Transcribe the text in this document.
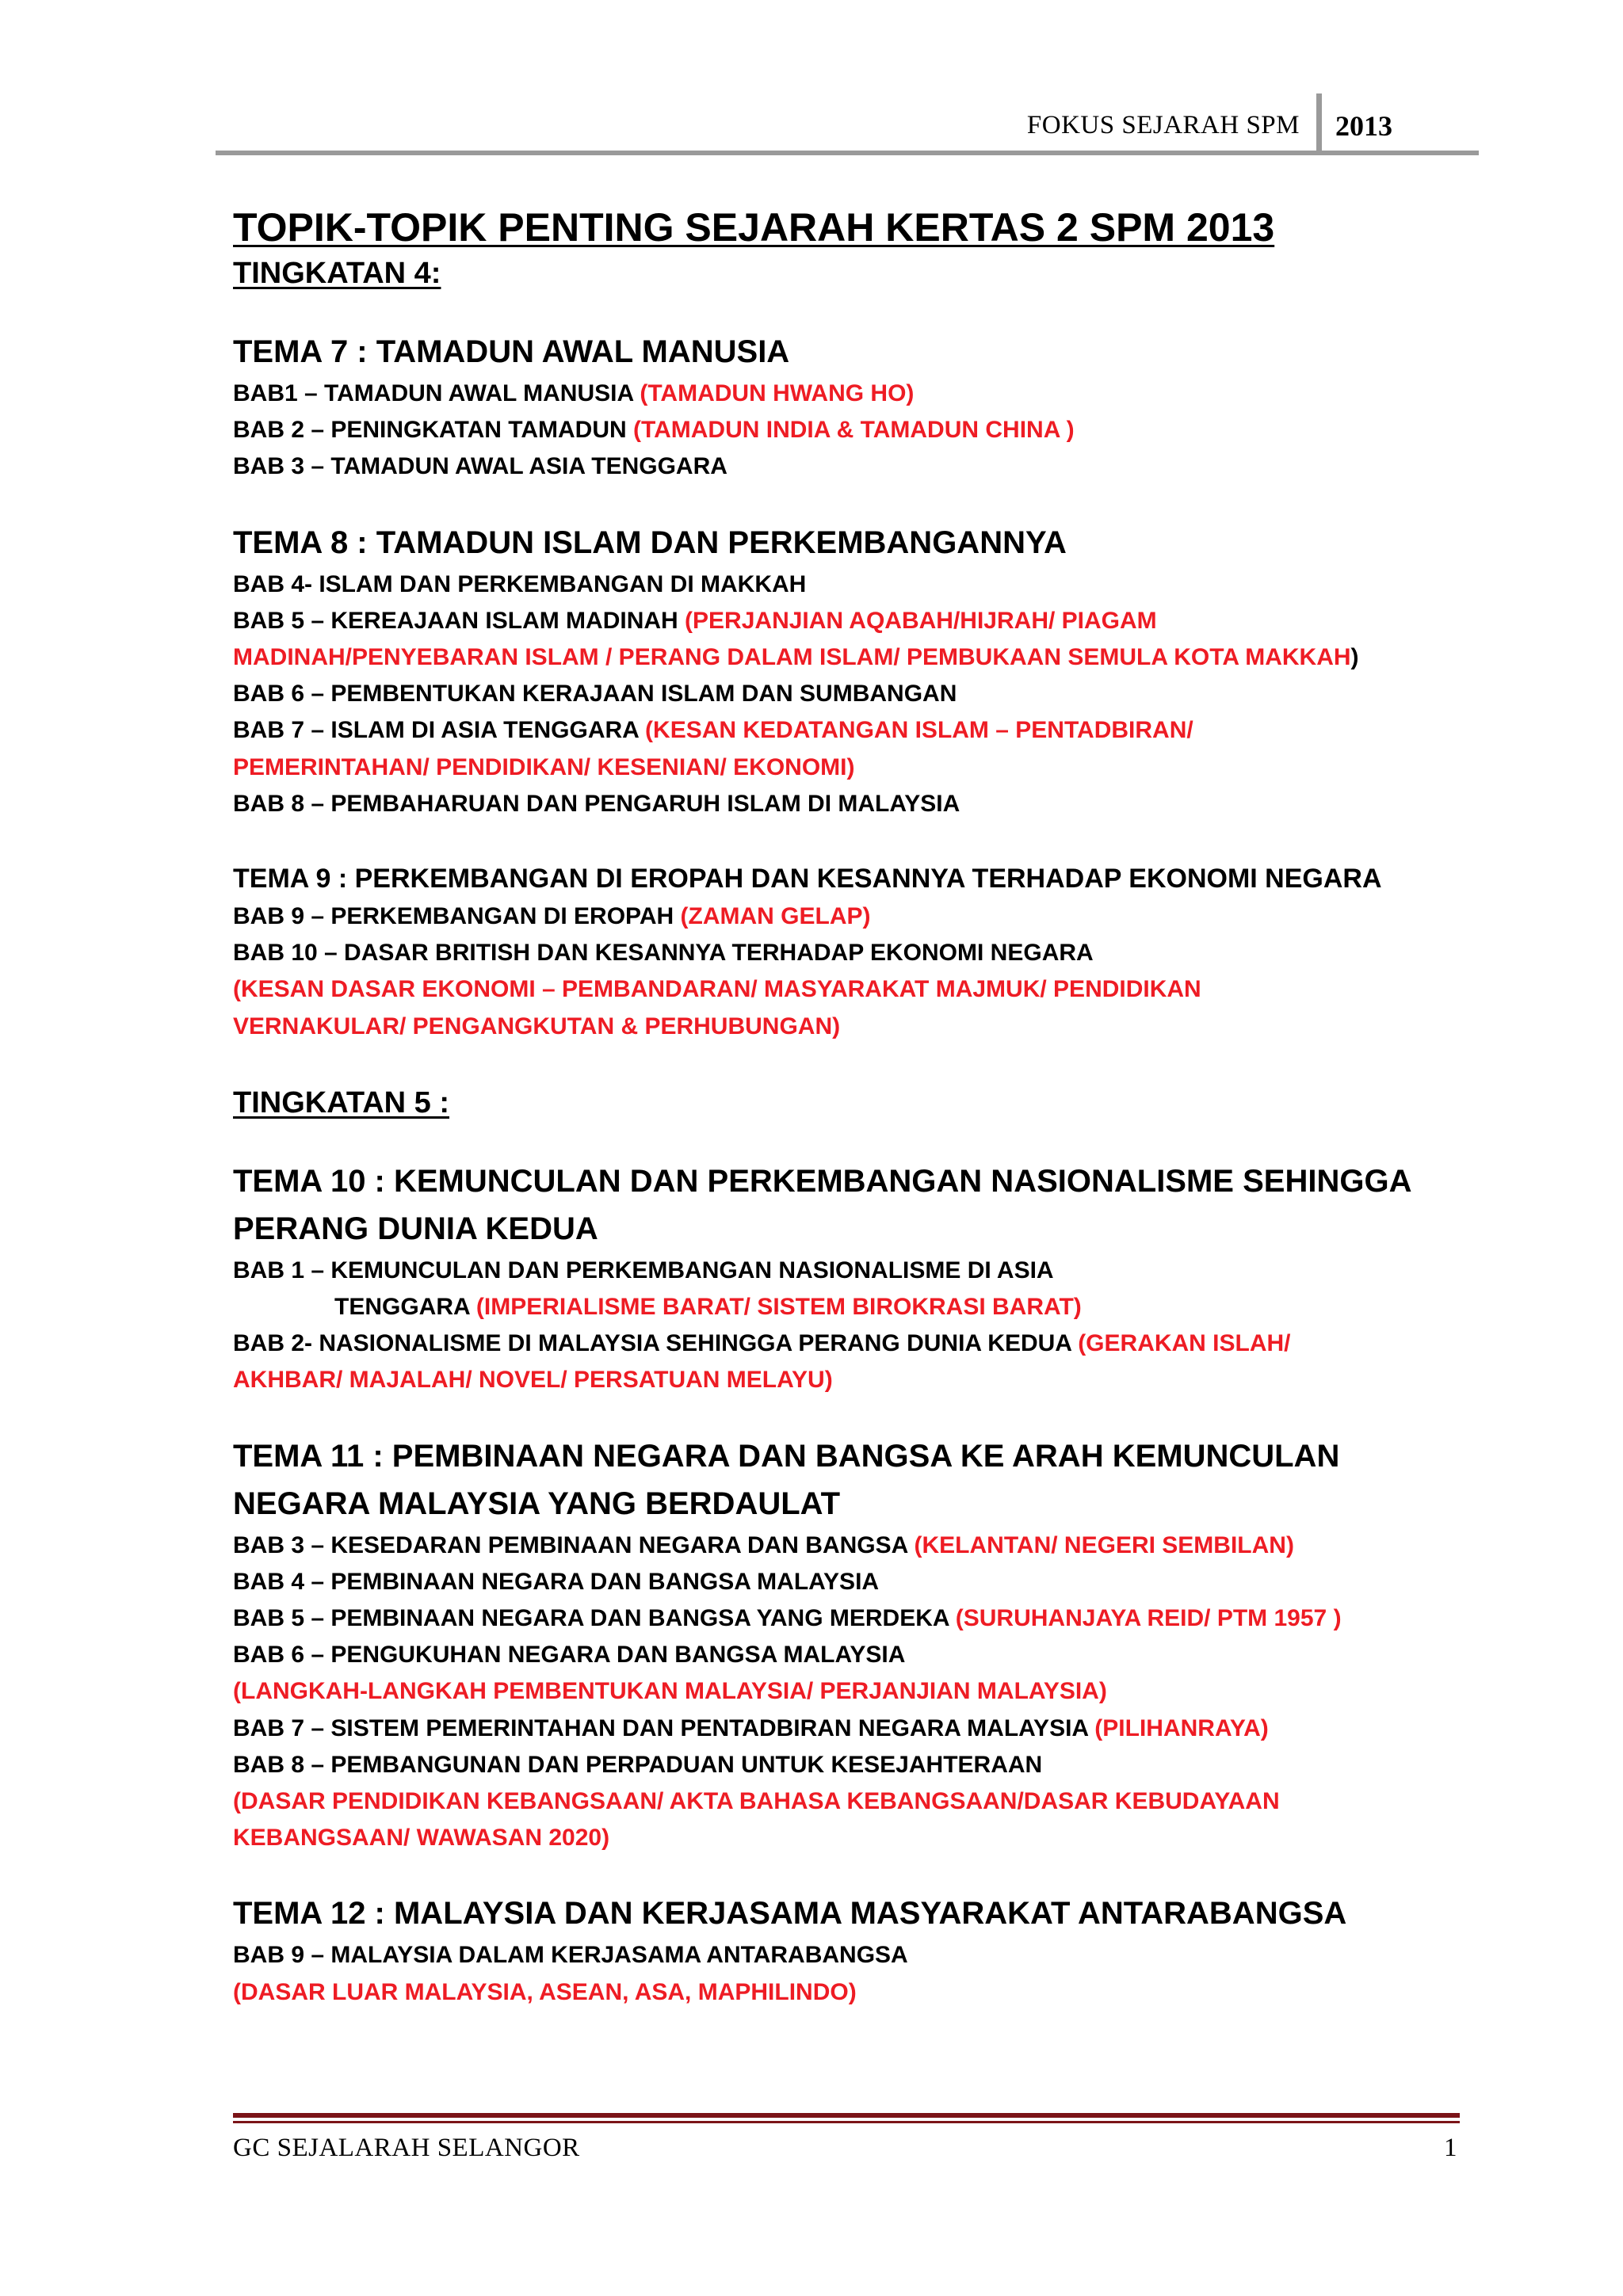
FOKUS SEJARAH SPM 2013
TOPIK-TOPIK PENTING SEJARAH KERTAS 2 SPM 2013
TINGKATAN 4:
TEMA 7 : TAMADUN AWAL MANUSIA
BAB1 – TAMADUN AWAL MANUSIA (TAMADUN HWANG HO)
BAB 2 – PENINGKATAN TAMADUN (TAMADUN INDIA & TAMADUN CHINA )
BAB 3 – TAMADUN AWAL ASIA TENGGARA
TEMA 8 : TAMADUN ISLAM DAN PERKEMBANGANNYA
BAB 4- ISLAM DAN PERKEMBANGAN DI MAKKAH
BAB 5 – KEREAJAAN ISLAM MADINAH (PERJANJIAN AQABAH/HIJRAH/ PIAGAM
MADINAH/PENYEBARAN ISLAM / PERANG DALAM ISLAM/ PEMBUKAAN SEMULA KOTA MAKKAH)
BAB 6 – PEMBENTUKAN KERAJAAN ISLAM DAN SUMBANGAN
BAB 7 – ISLAM DI ASIA TENGGARA (KESAN KEDATANGAN ISLAM – PENTADBIRAN/
PEMERINTAHAN/ PENDIDIKAN/ KESENIAN/ EKONOMI)
BAB 8 – PEMBAHARUAN DAN PENGARUH ISLAM DI MALAYSIA
TEMA 9 : PERKEMBANGAN DI EROPAH DAN KESANNYA TERHADAP EKONOMI NEGARA
BAB 9 – PERKEMBANGAN DI EROPAH (ZAMAN GELAP)
BAB 10 – DASAR BRITISH DAN KESANNYA TERHADAP EKONOMI NEGARA
(KESAN DASAR EKONOMI – PEMBANDARAN/ MASYARAKAT MAJMUK/ PENDIDIKAN
VERNAKULAR/ PENGANGKUTAN & PERHUBUNGAN)
TINGKATAN 5 :
TEMA 10 : KEMUNCULAN DAN PERKEMBANGAN NASIONALISME SEHINGGA
PERANG DUNIA KEDUA
BAB 1 – KEMUNCULAN DAN PERKEMBANGAN NASIONALISME DI ASIA
TENGGARA (IMPERIALISME BARAT/ SISTEM BIROKRASI BARAT)
BAB 2- NASIONALISME DI MALAYSIA SEHINGGA PERANG DUNIA KEDUA (GERAKAN ISLAH/
AKHBAR/ MAJALAH/ NOVEL/ PERSATUAN MELAYU)
TEMA 11 : PEMBINAAN NEGARA DAN BANGSA KE ARAH KEMUNCULAN
NEGARA MALAYSIA YANG BERDAULAT
BAB 3 – KESEDARAN PEMBINAAN NEGARA DAN BANGSA (KELANTAN/ NEGERI SEMBILAN)
BAB 4 – PEMBINAAN NEGARA DAN BANGSA MALAYSIA
BAB 5 – PEMBINAAN NEGARA DAN BANGSA YANG MERDEKA (SURUHANJAYA REID/ PTM 1957 )
BAB 6 – PENGUKUHAN NEGARA DAN BANGSA MALAYSIA
(LANGKAH-LANGKAH PEMBENTUKAN MALAYSIA/ PERJANJIAN MALAYSIA)
BAB 7 – SISTEM PEMERINTAHAN DAN PENTADBIRAN NEGARA MALAYSIA (PILIHANRAYA)
BAB 8 – PEMBANGUNAN DAN PERPADUAN UNTUK KESEJAHTERAAN
(DASAR PENDIDIKAN KEBANGSAAN/ AKTA BAHASA KEBANGSAAN/DASAR KEBUDAYAAN
KEBANGSAAN/ WAWASAN 2020)
TEMA 12 : MALAYSIA DAN KERJASAMA MASYARAKAT ANTARABANGSA
BAB 9 – MALAYSIA DALAM KERJASAMA ANTARABANGSA
(DASAR LUAR MALAYSIA, ASEAN, ASA, MAPHILINDO)
GC SEJALARAH SELANGOR	1
